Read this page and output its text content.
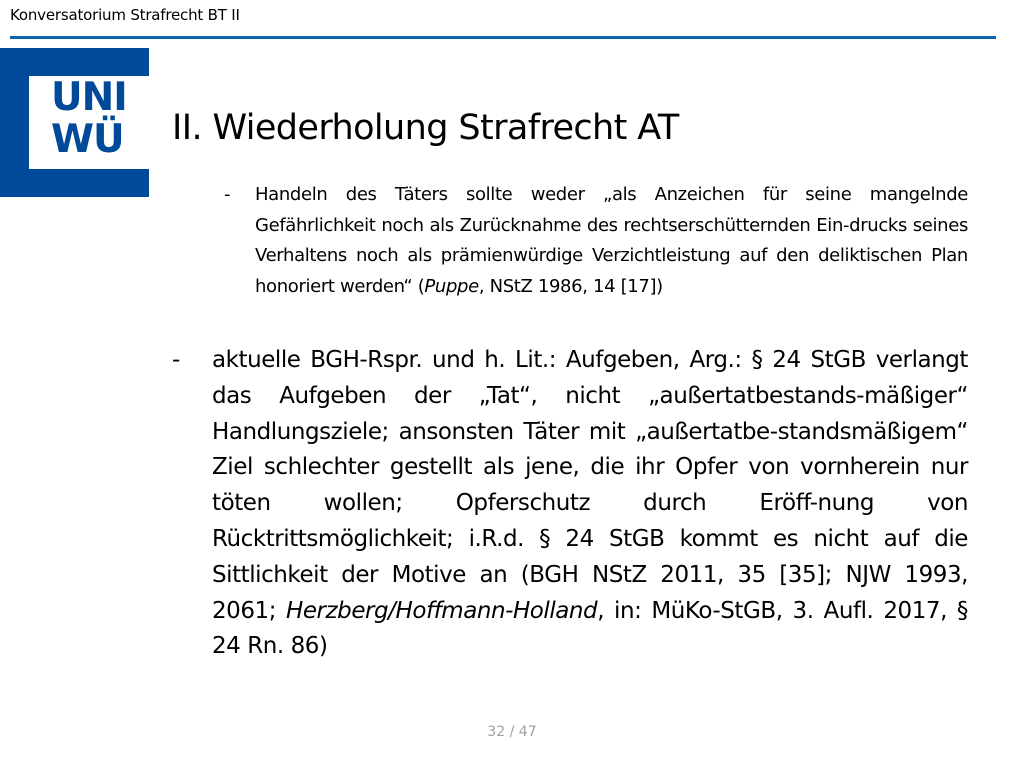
Konversatorium Strafrecht BT II
UNI
WÜ II. Wiederholung Strafrecht AT
- Handeln des Täters sollte weder „als Anzeichen für seine mangelnde Gefährlichkeit noch als Zurücknahme des rechtserschütternden Ein-drucks seines Verhaltens noch als prämienwürdige Verzichtleistung auf den deliktischen Plan honoriert werden“ (Puppe, NStZ 1986, 14 [17])
- aktuelle BGH-Rspr. und h. Lit.: Aufgeben, Arg.: § 24 StGB verlangt das Aufgeben der „Tat“, nicht „außertatbestands-mäßiger“ Handlungsziele; ansonsten Täter mit „außertatbe-standsmäßigem“ Ziel schlechter gestellt als jene, die ihr Opfer von vornherein nur töten wollen; Opferschutz durch Eröff-nung von Rücktrittsmöglichkeit; i.R.d. § 24 StGB kommt es nicht auf die Sittlichkeit der Motive an (BGH NStZ 2011, 35 [35]; NJW 1993, 2061; Herzberg/Hoffmann-Holland, in: MüKo-StGB, 3. Aufl. 2017, § 24 Rn. 86)
32 / 47
